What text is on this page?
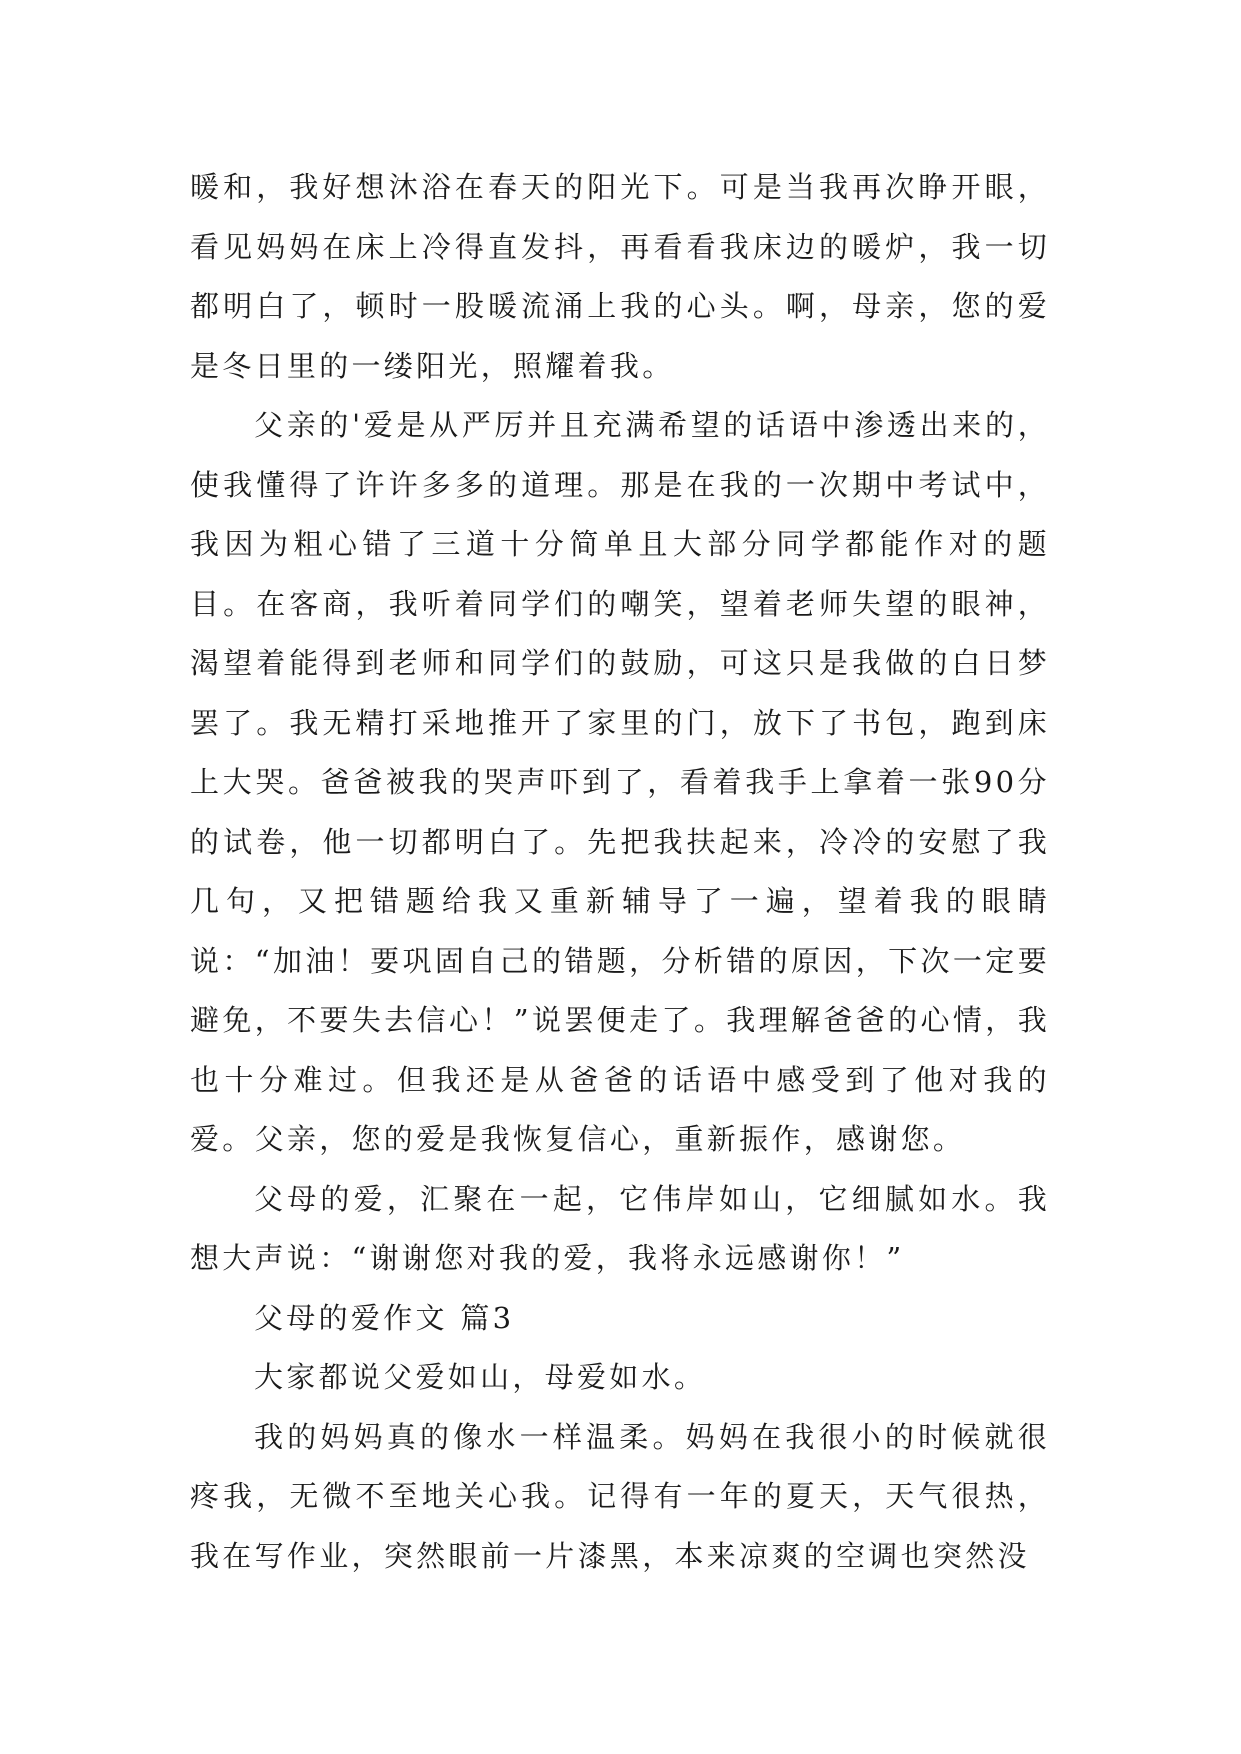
暖和，我好想沐浴在春天的阳光下。可是当我再次睁开眼，看见妈妈在床上冷得直发抖，再看看我床边的暖炉，我一切都明白了，顿时一股暖流涌上我的心头。啊，母亲，您的爱是冬日里的一缕阳光，照耀着我。

父亲的'爱是从严厉并且充满希望的话语中渗透出来的，使我懂得了许许多多的道理。那是在我的一次期中考试中，我因为粗心错了三道十分简单且大部分同学都能作对的题目。在客商，我听着同学们的嘲笑，望着老师失望的眼神，渴望着能得到老师和同学们的鼓励，可这只是我做的白日梦罢了。我无精打采地推开了家里的门，放下了书包，跑到床上大哭。爸爸被我的哭声吓到了，看着我手上拿着一张90分的试卷，他一切都明白了。先把我扶起来，冷冷的安慰了我几句，又把错题给我又重新辅导了一遍，望着我的眼睛说：“加油！要巩固自己的错题，分析错的原因，下次一定要避免，不要失去信心！”说罢便走了。我理解爸爸的心情，我也十分难过。但我还是从爸爸的话语中感受到了他对我的爱。父亲，您的爱是我恢复信心，重新振作，感谢您。

父母的爱，汇聚在一起，它伟岸如山，它细腻如水。我想大声说：“谢谢您对我的爱，我将永远感谢你！”

父母的爱作文 篇3

大家都说父爱如山，母爱如水。

我的妈妈真的像水一样温柔。妈妈在我很小的时候就很疼我，无微不至地关心我。记得有一年的夏天，天气很热，我在写作业，突然眼前一片漆黑，本来凉爽的空调也突然没
